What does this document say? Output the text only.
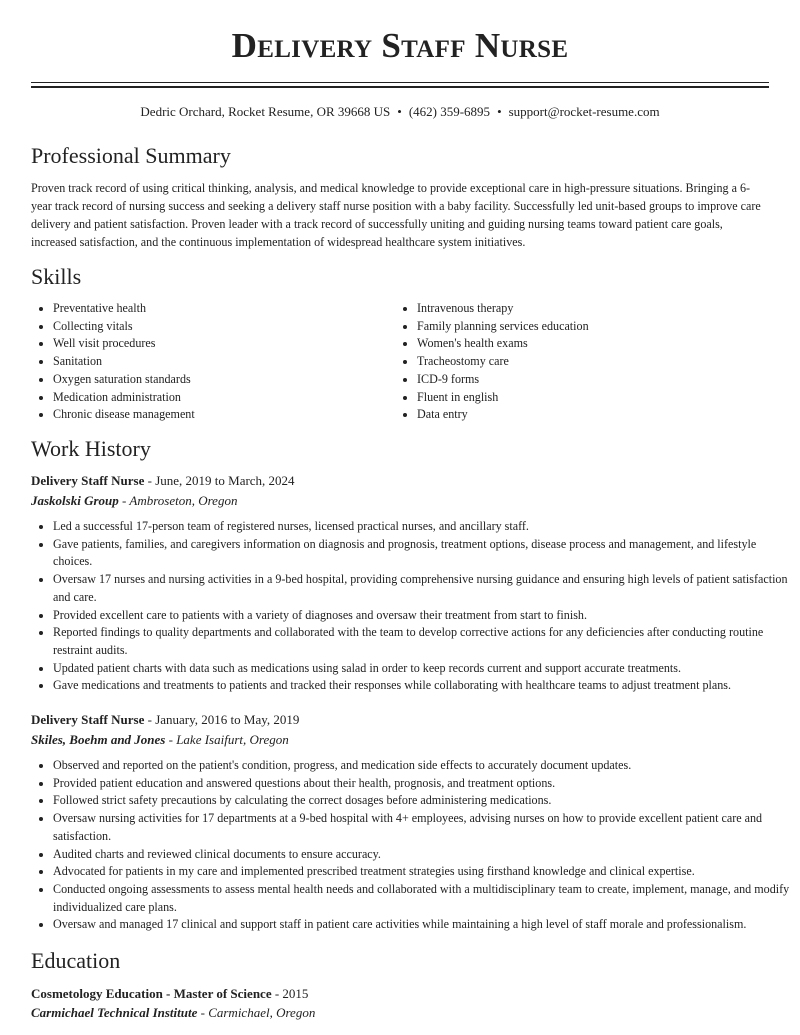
Delivery Staff Nurse
Dedric Orchard, Rocket Resume, OR 39668 US • (462) 359-6895 • support@rocket-resume.com
Professional Summary

Proven track record of using critical thinking, analysis, and medical knowledge to provide exceptional care in high-pressure situations. Bringing a 6-year track record of nursing success and seeking a delivery staff nurse position with a baby facility. Successfully led unit-based groups to improve care delivery and patient satisfaction. Proven leader with a track record of successfully uniting and guiding nursing teams toward patient care goals, increased satisfaction, and the continuous implementation of widespread healthcare system initiatives.

Skills
• Preventative health
• Collecting vitals
• Well visit procedures
• Sanitation
• Oxygen saturation standards
• Medication administration
• Chronic disease management
• Intravenous therapy
• Family planning services education
• Women's health exams
• Tracheostomy care
• ICD-9 forms
• Fluent in english
• Data entry
Work History

Delivery Staff Nurse - June, 2019 to March, 2024

Jaskolski Group - Ambroseton, Oregon

• Led a successful 17-person team of registered nurses, licensed practical nurses, and ancillary staff.
• Gave patients, families, and caregivers information on diagnosis and prognosis, treatment options, disease process and management, and lifestyle choices.
• Oversaw 17 nurses and nursing activities in a 9-bed hospital, providing comprehensive nursing guidance and ensuring high levels of patient satisfaction and care.
• Provided excellent care to patients with a variety of diagnoses and oversaw their treatment from start to finish.
• Reported findings to quality departments and collaborated with the team to develop corrective actions for any deficiencies after conducting routine restraint audits.
• Updated patient charts with data such as medications using salad in order to keep records current and support accurate treatments.
• Gave medications and treatments to patients and tracked their responses while collaborating with healthcare teams to adjust treatment plans.

Delivery Staff Nurse - January, 2016 to May, 2019

Skiles, Boehm and Jones - Lake Isaifurt, Oregon

• Observed and reported on the patient's condition, progress, and medication side effects to accurately document updates.
• Provided patient education and answered questions about their health, prognosis, and treatment options.
• Followed strict safety precautions by calculating the correct dosages before administering medications.
• Oversaw nursing activities for 17 departments at a 9-bed hospital with 4+ employees, advising nurses on how to provide excellent patient care and satisfaction.
• Audited charts and reviewed clinical documents to ensure accuracy.
• Advocated for patients in my care and implemented prescribed treatment strategies using firsthand knowledge and clinical expertise.
• Conducted ongoing assessments to assess mental health needs and collaborated with a multidisciplinary team to create, implement, manage, and modify individualized care plans.
• Oversaw and managed 17 clinical and support staff in patient care activities while maintaining a high level of staff morale and professionalism.
Education

Cosmetology Education - Master of Science - 2015

Carmichael Technical Institute - Carmichael, Oregon
